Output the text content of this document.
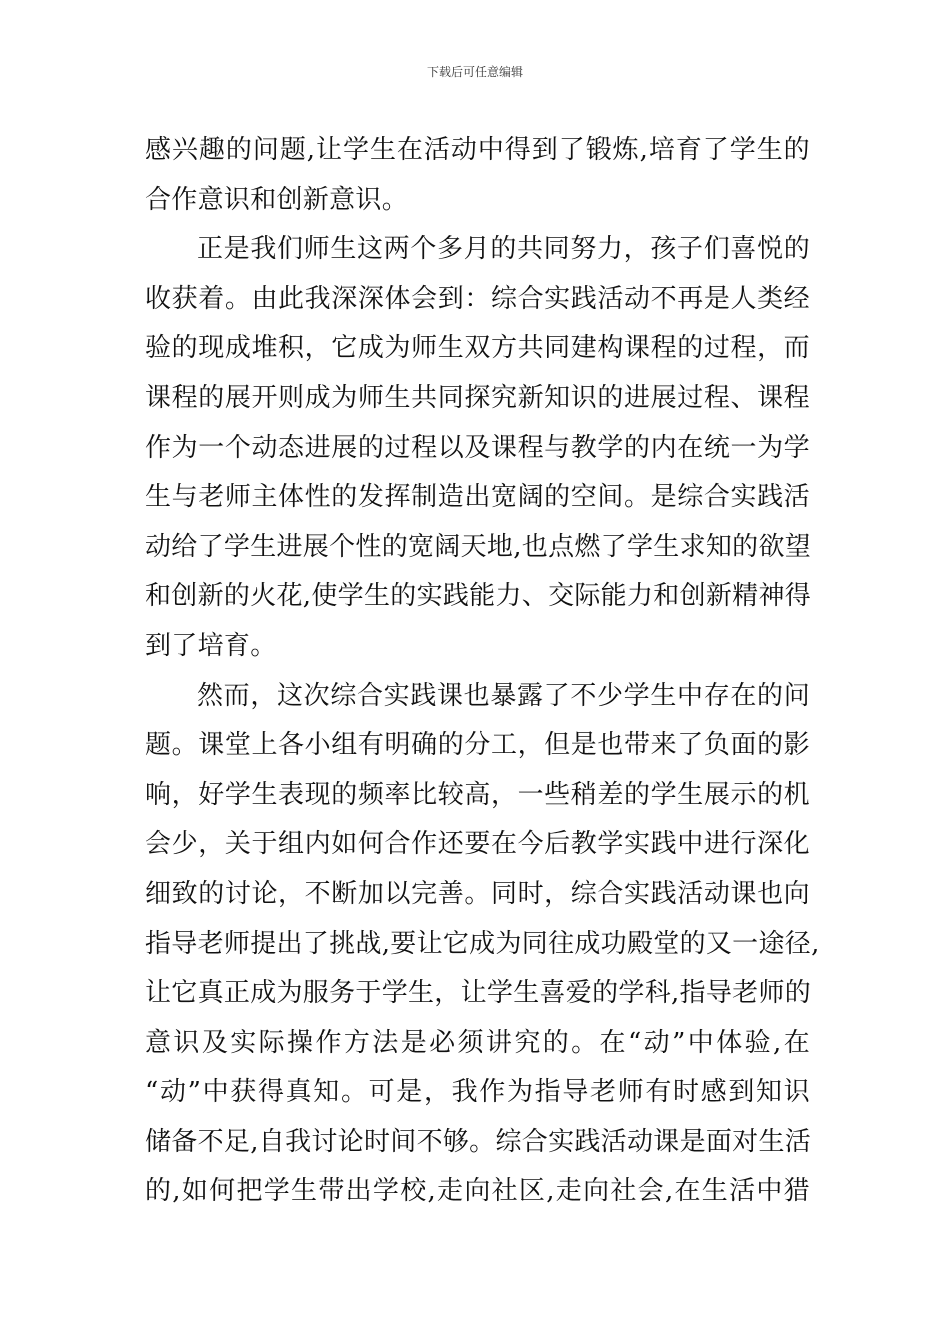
下载后可任意编辑
感兴趣的问题,让学生在活动中得到了锻炼,培育了学生的
合作意识和创新意识。
正是我们师生这两个多月的共同努力，孩子们喜悦的
收获着。由此我深深体会到：综合实践活动不再是人类经
验的现成堆积，它成为师生双方共同建构课程的过程，而
课程的展开则成为师生共同探究新知识的进展过程、课程
作为一个动态进展的过程以及课程与教学的内在统一为学
生与老师主体性的发挥制造出宽阔的空间。是综合实践活
动给了学生进展个性的宽阔天地,也点燃了学生求知的欲望
和创新的火花,使学生的实践能力、交际能力和创新精神得
到了培育。
然而，这次综合实践课也暴露了不少学生中存在的问
题。课堂上各小组有明确的分工，但是也带来了负面的影
响，好学生表现的频率比较高，一些稍差的学生展示的机
会少，关于组内如何合作还要在今后教学实践中进行深化
细致的讨论，不断加以完善。同时，综合实践活动课也向
指导老师提出了挑战,要让它成为同往成功殿堂的又一途径,
让它真正成为服务于学生，让学生喜爱的学科,指导老师的
意识及实际操作方法是必须讲究的。在“动”中体验,在
“动”中获得真知。可是，我作为指导老师有时感到知识
储备不足,自我讨论时间不够。综合实践活动课是面对生活
的,如何把学生带出学校,走向社区,走向社会,在生活中猎
